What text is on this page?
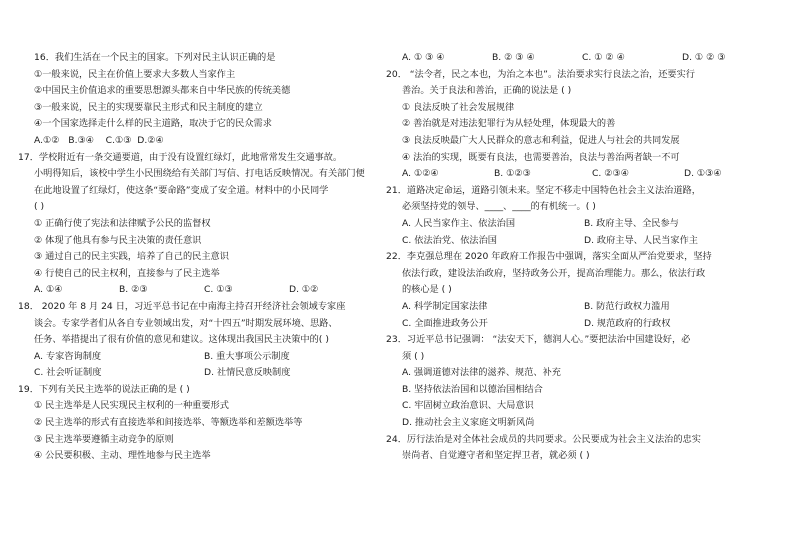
16．我们生活在一个民主的国家。下列对民主认识正确的是
①一般来说，民主在价值上要求大多数人当家作主
②中国民主价值追求的重要思想源头都来自中华民族的传统美德
③一般来说，民主的实现要靠民主形式和民主制度的建立
④一个国家选择走什么样的民主道路，取决于它的民众需求
A.①②   B.③④    C.①③  D.②④
17．学校附近有一条交通要道，由于没有设置红绿灯，此地常常发生交通事故。
小明得知后，该校中学生小民围绕给有关部门写信、打电话反映情况。有关部门便
在此地设置了红绿灯，使这条“要命路”变成了安全道。材料中的小民同学
( )
① 正确行使了宪法和法律赋予公民的监督权
② 体现了他具有参与民主决策的责任意识
③ 通过自己的民主实践，培养了自己的民主意识
④ 行使自己的民主权利，直接参与了民主选举
A. ①④	B. ②③	C. ①③	D. ①②
18． 2020 年 8 月 24 日，习近平总书记在中南海主持召开经济社会领域专家座
谈会。专家学者们从各自专业领域出发，对“十四五”时期发展环境、思路、
任务、举措提出了很有价值的意见和建议。这体现出我国民主决策中的( )
A. 专家咨询制度	B. 重大事项公示制度
C. 社会听证制度	D. 社情民意反映制度
19．下列有关民主选举的说法正确的是 ( )
① 民主选举是人民实现民主权利的一种重要形式
② 民主选举的形式有直接选举和间接选举、等额选举和差额选举等
③ 民主选举要遵循主动竞争的原则
④ 公民要积极、主动、理性地参与民主选举
A. ① ③ ④	B. ② ③ ④	C. ① ② ④	D. ① ② ③
20． “法令者，民之本也，为治之本也”。法治要求实行良法之治，还要实行
善治。关于良法和善治，正确的说法是 ( )
① 良法反映了社会发展规律
② 善治就是对违法犯罪行为从轻处理，体现最大的善
③ 良法反映最广大人民群众的意志和利益，促进人与社会的共同发展
④ 法治的实现，既要有良法，也需要善治，良法与善治两者缺一不可
A. ①②④	B. ①②③	C. ②③④	D. ①③④
21．道路决定命运，道路引领未来。坚定不移走中国特色社会主义法治道路，
必须坚持党的领导、____、____的有机统一。( )
A. 人民当家作主、依法治国	B. 政府主导、全民参与
C. 依法治党、依法治国	D. 政府主导、人民当家作主
22．李克强总理在 2020 年政府工作报告中强调，落实全面从严治党要求，坚持
依法行政，建设法治政府，坚持政务公开，提高治理能力。那么，依法行政
的核心是 ( )
A. 科学制定国家法律	B. 防范行政权力滥用
C. 全面推进政务公开	D. 规范政府的行政权
23．习近平总书记强调： “法安天下，德润人心。”要把法治中国建设好，必
须 ( )
A. 强调道德对法律的滋养、规范、补充
B. 坚持依法治国和以德治国相结合
C. 牢固树立政治意识、大局意识
D. 推动社会主义家庭文明新风尚
24．厉行法治是对全体社会成员的共同要求。公民要成为社会主义法治的忠实
崇尚者、自觉遵守者和坚定捍卫者，就必须 ( )
